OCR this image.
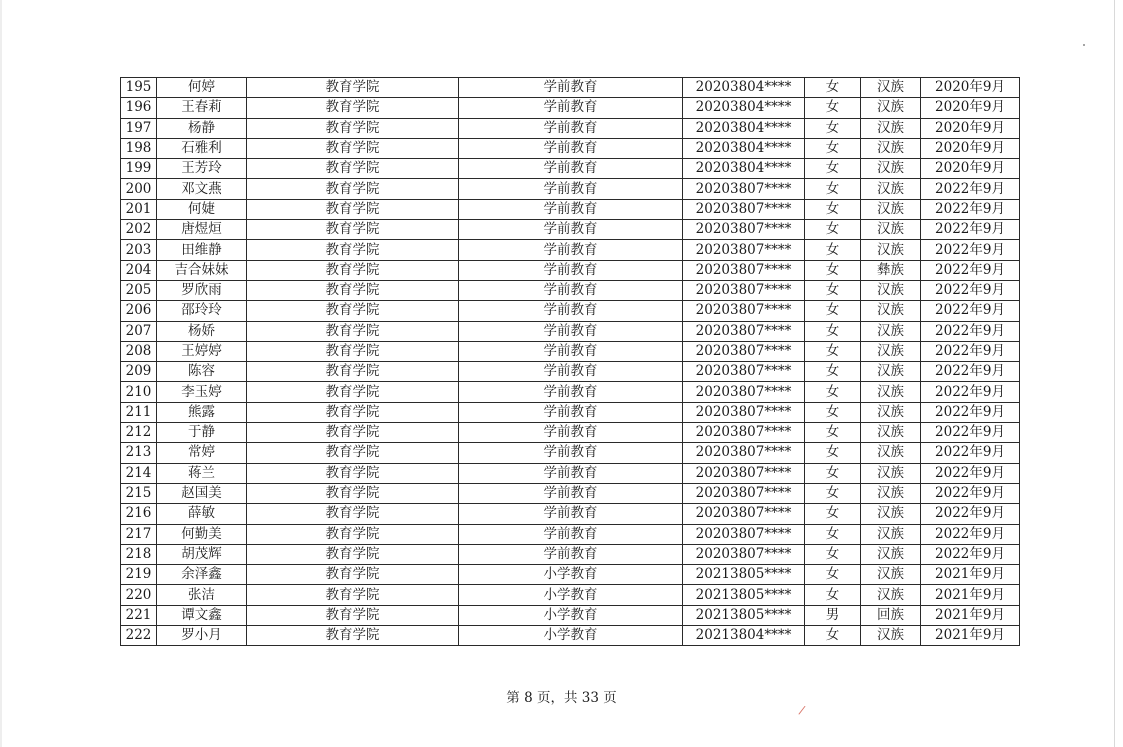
195	何婷	教育学院	学前教育	20203804****	女	汉族	2020年9月
196	王春莉	教育学院	学前教育	20203804****	女	汉族	2020年9月
197	杨静	教育学院	学前教育	20203804****	女	汉族	2020年9月
198	石雅利	教育学院	学前教育	20203804****	女	汉族	2020年9月
199	王芳玲	教育学院	学前教育	20203804****	女	汉族	2020年9月
200	邓文燕	教育学院	学前教育	20203807****	女	汉族	2022年9月
201	何婕	教育学院	学前教育	20203807****	女	汉族	2022年9月
202	唐煜烜	教育学院	学前教育	20203807****	女	汉族	2022年9月
203	田维静	教育学院	学前教育	20203807****	女	汉族	2022年9月
204	吉合妹妹	教育学院	学前教育	20203807****	女	彝族	2022年9月
205	罗欣雨	教育学院	学前教育	20203807****	女	汉族	2022年9月
206	邵玲玲	教育学院	学前教育	20203807****	女	汉族	2022年9月
207	杨娇	教育学院	学前教育	20203807****	女	汉族	2022年9月
208	王婷婷	教育学院	学前教育	20203807****	女	汉族	2022年9月
209	陈容	教育学院	学前教育	20203807****	女	汉族	2022年9月
210	李玉婷	教育学院	学前教育	20203807****	女	汉族	2022年9月
211	熊露	教育学院	学前教育	20203807****	女	汉族	2022年9月
212	于静	教育学院	学前教育	20203807****	女	汉族	2022年9月
213	常婷	教育学院	学前教育	20203807****	女	汉族	2022年9月
214	蒋兰	教育学院	学前教育	20203807****	女	汉族	2022年9月
215	赵国美	教育学院	学前教育	20203807****	女	汉族	2022年9月
216	薛敏	教育学院	学前教育	20203807****	女	汉族	2022年9月
217	何勤美	教育学院	学前教育	20203807****	女	汉族	2022年9月
218	胡茂辉	教育学院	学前教育	20203807****	女	汉族	2022年9月
219	余泽鑫	教育学院	小学教育	20213805****	女	汉族	2021年9月
220	张洁	教育学院	小学教育	20213805****	女	汉族	2021年9月
221	谭文鑫	教育学院	小学教育	20213805****	男	回族	2021年9月
222	罗小月	教育学院	小学教育	20213804****	女	汉族	2021年9月
第 8 页，共 33 页
/
